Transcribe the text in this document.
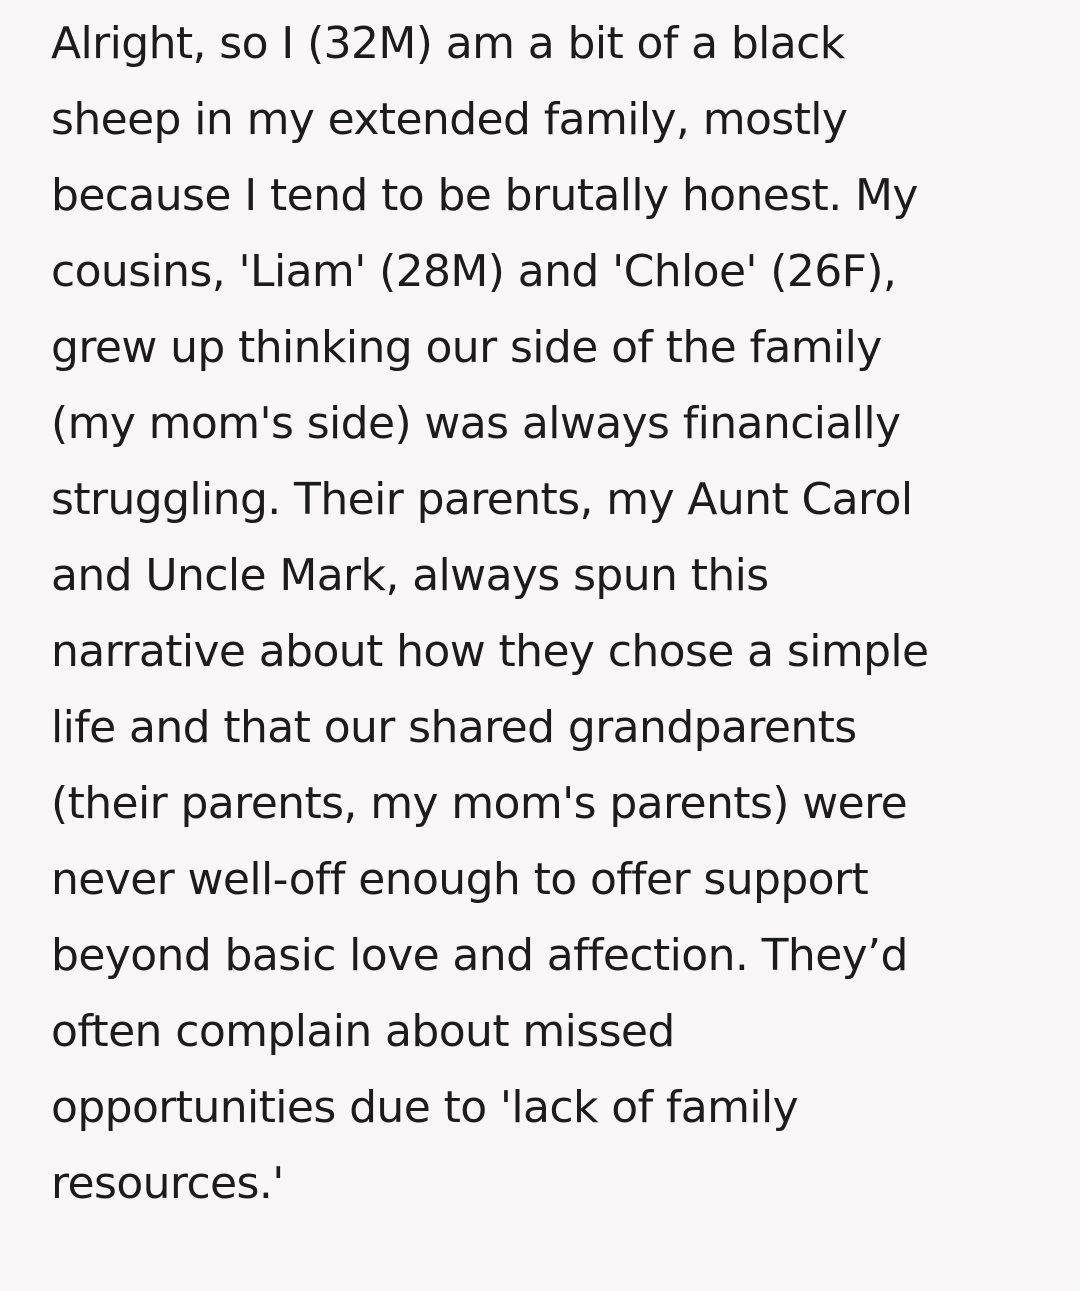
Alright, so I (32M) am a bit of a black
sheep in my extended family, mostly
because I tend to be brutally honest. My
cousins, 'Liam' (28M) and 'Chloe' (26F),
grew up thinking our side of the family
(my mom's side) was always financially
struggling. Their parents, my Aunt Carol
and Uncle Mark, always spun this
narrative about how they chose a simple
life and that our shared grandparents
(their parents, my mom's parents) were
never well-off enough to offer support
beyond basic love and affection. They’d
often complain about missed
opportunities due to 'lack of family
resources.'
